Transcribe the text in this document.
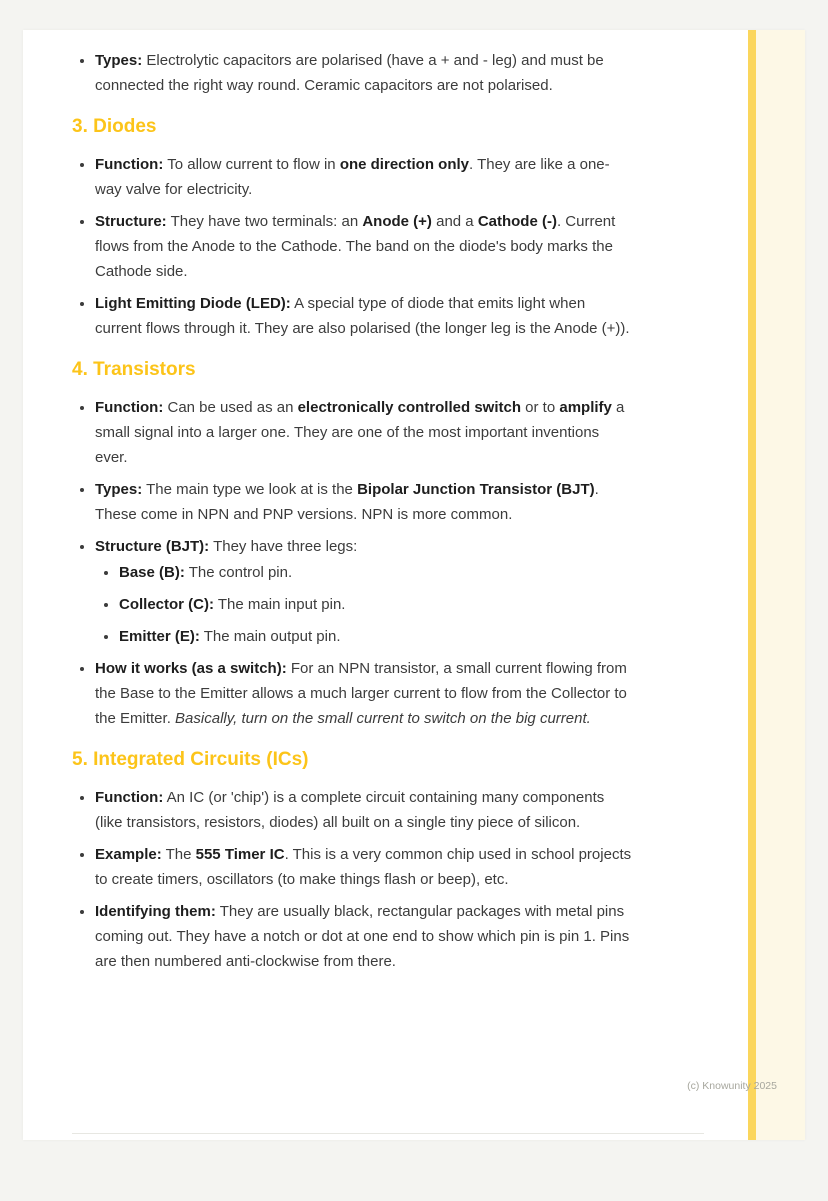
• Types: Electrolytic capacitors are polarised (have a + and - leg) and must be connected the right way round. Ceramic capacitors are not polarised.
3. Diodes
• Function: To allow current to flow in one direction only. They are like a one-way valve for electricity.
• Structure: They have two terminals: an Anode (+) and a Cathode (-). Current flows from the Anode to the Cathode. The band on the diode's body marks the Cathode side.
• Light Emitting Diode (LED): A special type of diode that emits light when current flows through it. They are also polarised (the longer leg is the Anode (+)).
4. Transistors
• Function: Can be used as an electronically controlled switch or to amplify a small signal into a larger one. They are one of the most important inventions ever.
• Types: The main type we look at is the Bipolar Junction Transistor (BJT). These come in NPN and PNP versions. NPN is more common.
• Structure (BJT): They have three legs:
• Base (B): The control pin.
• Collector (C): The main input pin.
• Emitter (E): The main output pin.
• How it works (as a switch): For an NPN transistor, a small current flowing from the Base to the Emitter allows a much larger current to flow from the Collector to the Emitter. Basically, turn on the small current to switch on the big current.
5. Integrated Circuits (ICs)
• Function: An IC (or 'chip') is a complete circuit containing many components (like transistors, resistors, diodes) all built on a single tiny piece of silicon.
• Example: The 555 Timer IC. This is a very common chip used in school projects to create timers, oscillators (to make things flash or beep), etc.
• Identifying them: They are usually black, rectangular packages with metal pins coming out. They have a notch or dot at one end to show which pin is pin 1. Pins are then numbered anti-clockwise from there.
(c) Knowunity 2025
